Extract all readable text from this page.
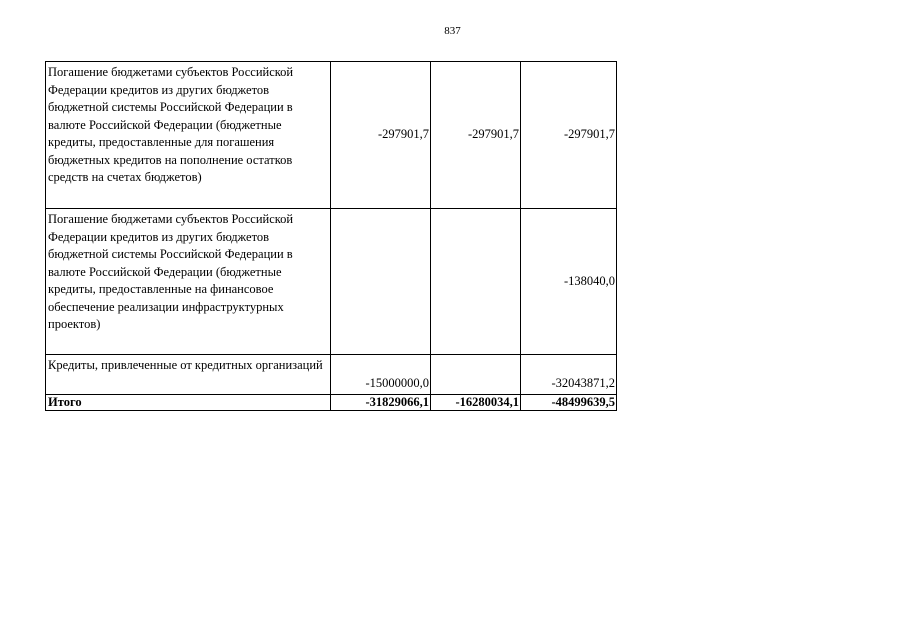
837
Погашение бюджетами субъектов Российской Федерации кредитов из других бюджетов бюджетной системы Российской Федерации в валюте Российской Федерации (бюджетные кредиты, предоставленные для погашения бюджетных кредитов на пополнение остатков средств на счетах бюджетов)	-297901,7	-297901,7	-297901,7
Погашение бюджетами субъектов Российской Федерации кредитов из других бюджетов бюджетной системы Российской Федерации в валюте Российской Федерации (бюджетные кредиты, предоставленные на финансовое обеспечение реализации инфраструктурных проектов)			-138040,0
Кредиты, привлеченные от кредитных организаций	-15000000,0		-32043871,2
Итого	-31829066,1	-16280034,1	-48499639,5
